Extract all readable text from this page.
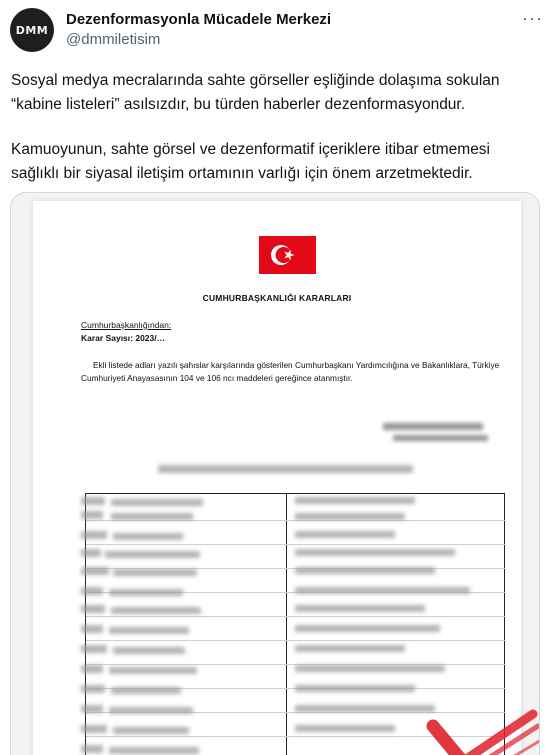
DMM
Dezenformasyonla Mücadele Merkezi
@dmmiletisim
···
Sosyal medya mecralarında sahte görseller eşliğinde dolaşıma sokulan “kabine listeleri” asılsızdır, bu türden haberler dezenformasyondur.
Kamuoyunun, sahte görsel ve dezenformatif içeriklere itibar etmemesi sağlıklı bir siyasal iletişim ortamının varlığı için önem arzetmektedir.
CUMHURBAŞKANLIĞI KARARLARI
Cumhurbaşkanlığından:
Karar Sayısı: 2023/…
Ekli listede adları yazılı şahıslar karşılarında gösterilen Cumhurbaşkanı Yardımcılığına ve Bakanlıklara, Türkiye Cumhuriyeti Anayasasının 104 ve 106 ncı maddeleri gereğince atanmıştır.
